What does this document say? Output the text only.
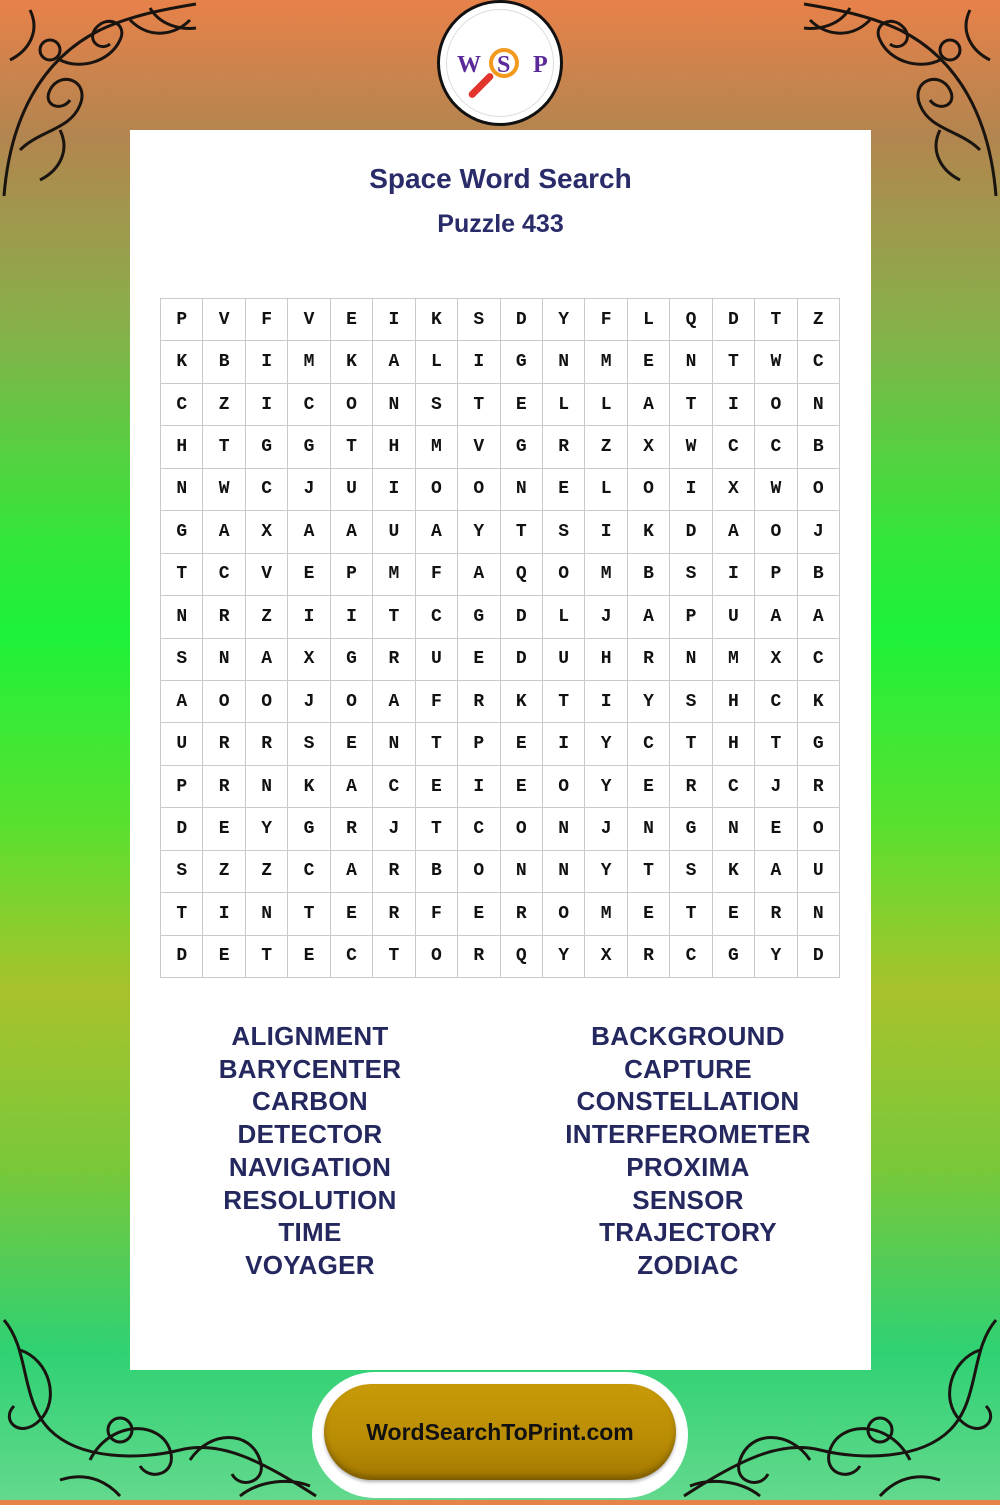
W S P
Space Word Search
Puzzle 433
P	V	F	V	E	I	K	S	D	Y	F	L	Q	D	T	Z
K	B	I	M	K	A	L	I	G	N	M	E	N	T	W	C
C	Z	I	C	O	N	S	T	E	L	L	A	T	I	O	N
H	T	G	G	T	H	M	V	G	R	Z	X	W	C	C	B
N	W	C	J	U	I	O	O	N	E	L	O	I	X	W	O
G	A	X	A	A	U	A	Y	T	S	I	K	D	A	O	J
T	C	V	E	P	M	F	A	Q	O	M	B	S	I	P	B
N	R	Z	I	I	T	C	G	D	L	J	A	P	U	A	A
S	N	A	X	G	R	U	E	D	U	H	R	N	M	X	C
A	O	O	J	O	A	F	R	K	T	I	Y	S	H	C	K
U	R	R	S	E	N	T	P	E	I	Y	C	T	H	T	G
P	R	N	K	A	C	E	I	E	O	Y	E	R	C	J	R
D	E	Y	G	R	J	T	C	O	N	J	N	G	N	E	O
S	Z	Z	C	A	R	B	O	N	N	Y	T	S	K	A	U
T	I	N	T	E	R	F	E	R	O	M	E	T	E	R	N
D	E	T	E	C	T	O	R	Q	Y	X	R	C	G	Y	D
ALIGNMENT
BARYCENTER
CARBON
DETECTOR
NAVIGATION
RESOLUTION
TIME
VOYAGER
BACKGROUND
CAPTURE
CONSTELLATION
INTERFEROMETER
PROXIMA
SENSOR
TRAJECTORY
ZODIAC
WordSearchToPrint.com
